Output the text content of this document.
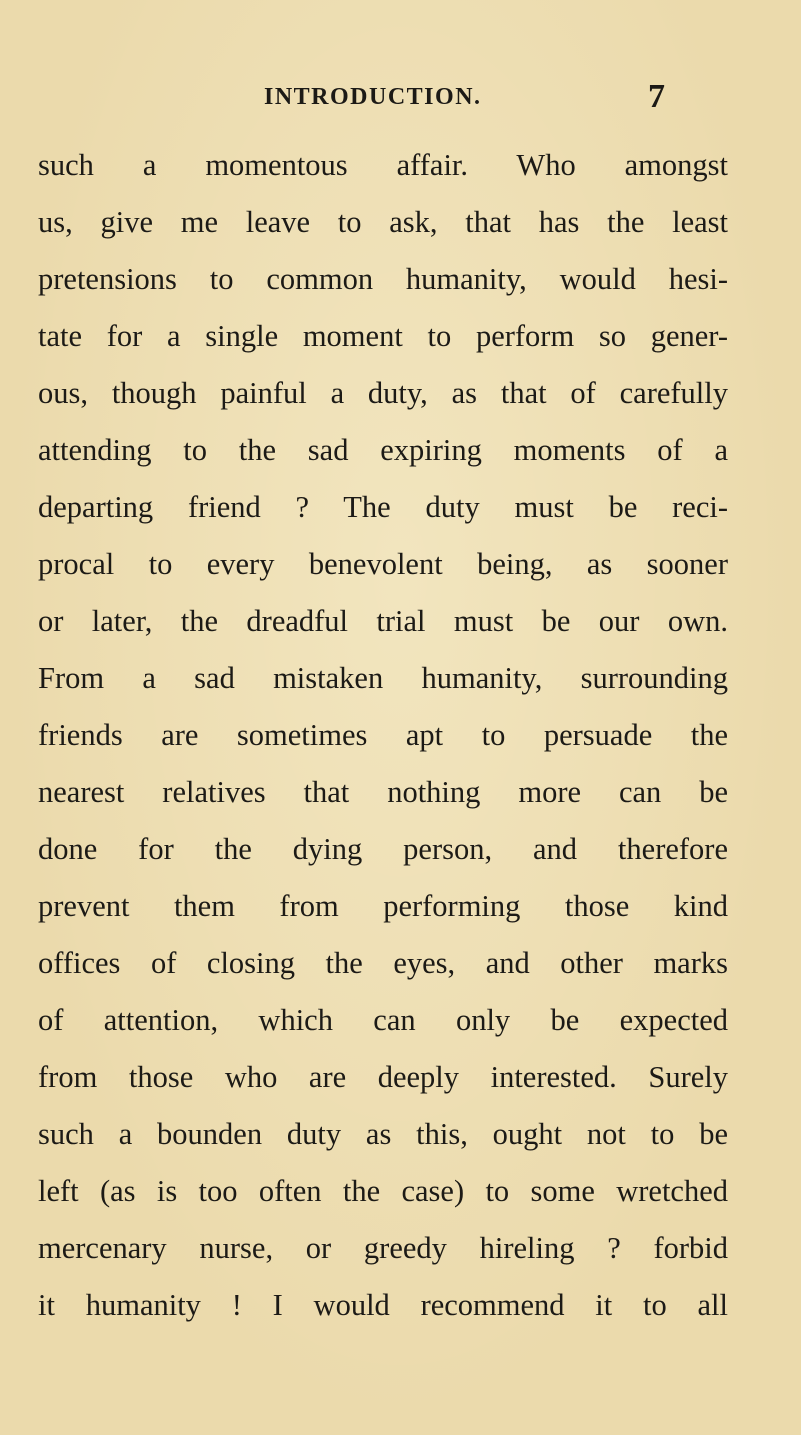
INTRODUCTION.	7
such a momentous affair. Who amongst
us, give me leave to ask, that has the least
pretensions to common humanity, would hesi-
tate for a single moment to perform so gener-
ous, though painful a duty, as that of carefully
attending to the sad expiring moments of a
departing friend ? The duty must be reci-
procal to every benevolent being, as sooner
or later, the dreadful trial must be our own.
From a sad mistaken humanity, surrounding
friends are sometimes apt to persuade the
nearest relatives that nothing more can be
done for the dying person, and therefore
prevent them from performing those kind
offices of closing the eyes, and other marks
of attention, which can only be expected
from those who are deeply interested. Surely
such a bounden duty as this, ought not to be
left (as is too often the case) to some wretched
mercenary nurse, or greedy hireling ? forbid
it humanity ! I would recommend it to all
